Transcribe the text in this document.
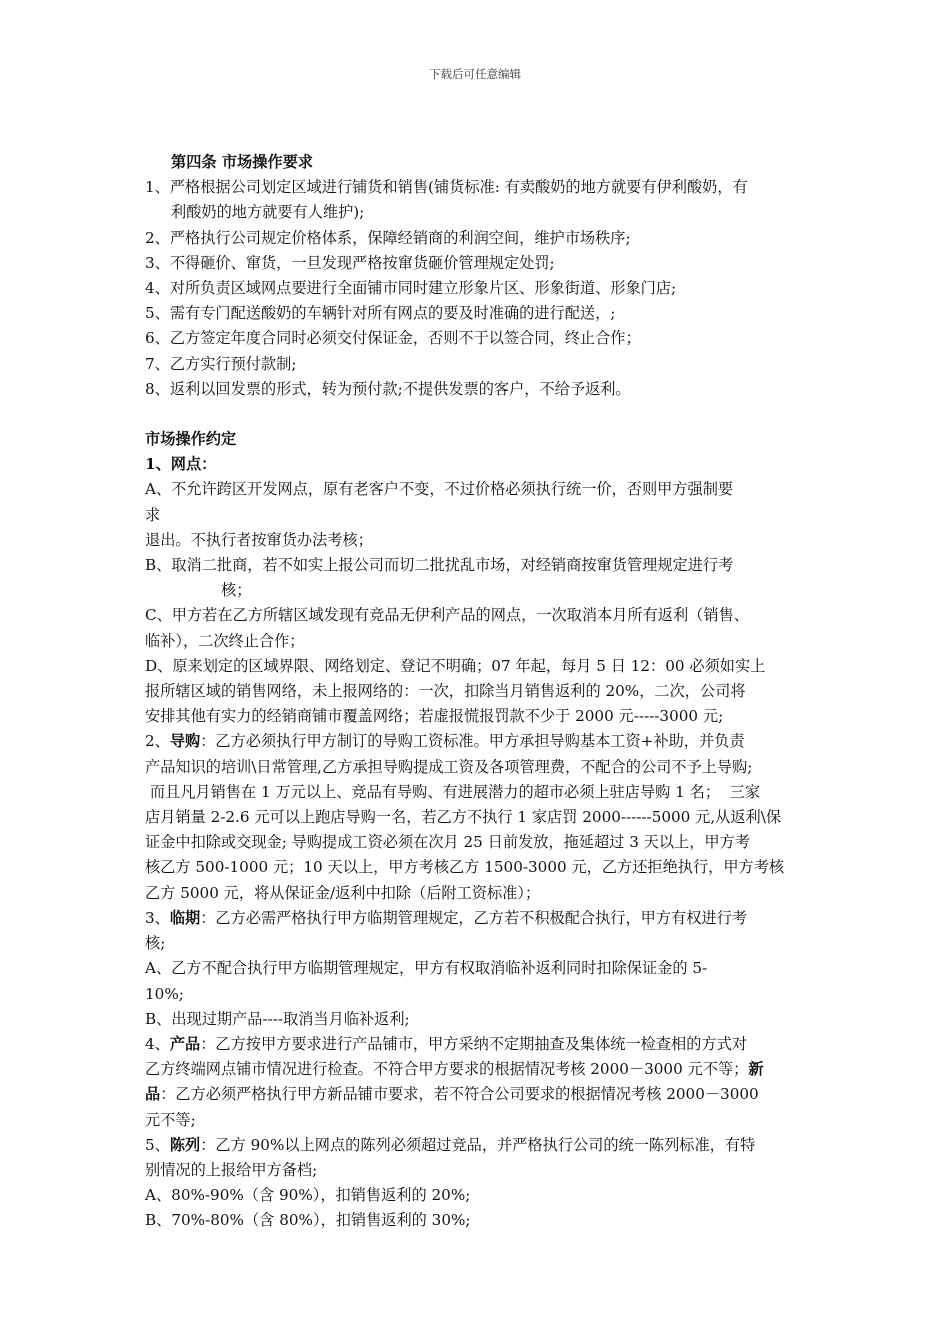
下载后可任意编辑
第四条 市场操作要求
1、严格根据公司划定区域进行铺货和销售(铺货标准: 有卖酸奶的地方就要有伊利酸奶，有
利酸奶的地方就要有人维护);
2、严格执行公司规定价格体系，保障经销商的利润空间，维护市场秩序;
3、不得砸价、窜货，一旦发现严格按窜货砸价管理规定处罚;
4、对所负责区域网点要进行全面铺市同时建立形象片区、形象街道、形象门店;
5、需有专门配送酸奶的车辆针对所有网点的要及时准确的进行配送，;
6、乙方签定年度合同时必须交付保证金，否则不于以签合同，终止合作；
7、乙方实行预付款制;
8、返利以回发票的形式，转为预付款;不提供发票的客户，不给予返利。
市场操作约定
1、网点：
A、不允许跨区开发网点，原有老客户不变，不过价格必须执行统一价，否则甲方强制要
求
退出。不执行者按窜货办法考核；
B、取消二批商，若不如实上报公司而切二批扰乱市场，对经销商按窜货管理规定进行考
核；
C、甲方若在乙方所辖区域发现有竞品无伊利产品的网点，一次取消本月所有返利（销售、
临补），二次终止合作；
D、原来划定的区域界限、网络划定、登记不明确；07 年起，每月 5 日 12：00 必须如实上
报所辖区域的销售网络，未上报网络的：一次，扣除当月销售返利的 20%，二次，公司将
安排其他有实力的经销商铺市覆盖网络；若虚报慌报罚款不少于 2000 元-----3000 元;
2、导购：乙方必须执行甲方制订的导购工资标准。甲方承担导购基本工资+补助，并负责
产品知识的培训\日常管理,乙方承担导购提成工资及各项管理费，不配合的公司不予上导购;
而且凡月销售在 1 万元以上、竞品有导购、有进展潜力的超市必须上驻店导购 1 名；  三家
店月销量 2-2.6 元可以上跑店导购一名，若乙方不执行 1 家店罚 2000------5000 元,从返利\保
证金中扣除或交现金; 导购提成工资必须在次月 25 日前发放，拖延超过 3 天以上，甲方考
核乙方 500-1000 元；10 天以上，甲方考核乙方 1500-3000 元，乙方还拒绝执行，甲方考核
乙方 5000 元，将从保证金/返利中扣除（后附工资标准）；
3、临期：乙方必需严格执行甲方临期管理规定，乙方若不积极配合执行，甲方有权进行考
核;
A、乙方不配合执行甲方临期管理规定，甲方有权取消临补返利同时扣除保证金的 5-
10%;
B、出现过期产品----取消当月临补返利;
4、产品：乙方按甲方要求进行产品铺市，甲方采纳不定期抽查及集体统一检查相的方式对
乙方终端网点铺市情况进行检查。不符合甲方要求的根据情况考核 2000－3000 元不等；新
品：乙方必须严格执行甲方新品铺市要求，若不符合公司要求的根据情况考核 2000－3000
元不等;
5、陈列：乙方 90%以上网点的陈列必须超过竞品，并严格执行公司的统一陈列标准，有特
别情况的上报给甲方备档;
A、80%-90%（含 90%），扣销售返利的 20%;
B、70%-80%（含 80%），扣销售返利的 30%;
